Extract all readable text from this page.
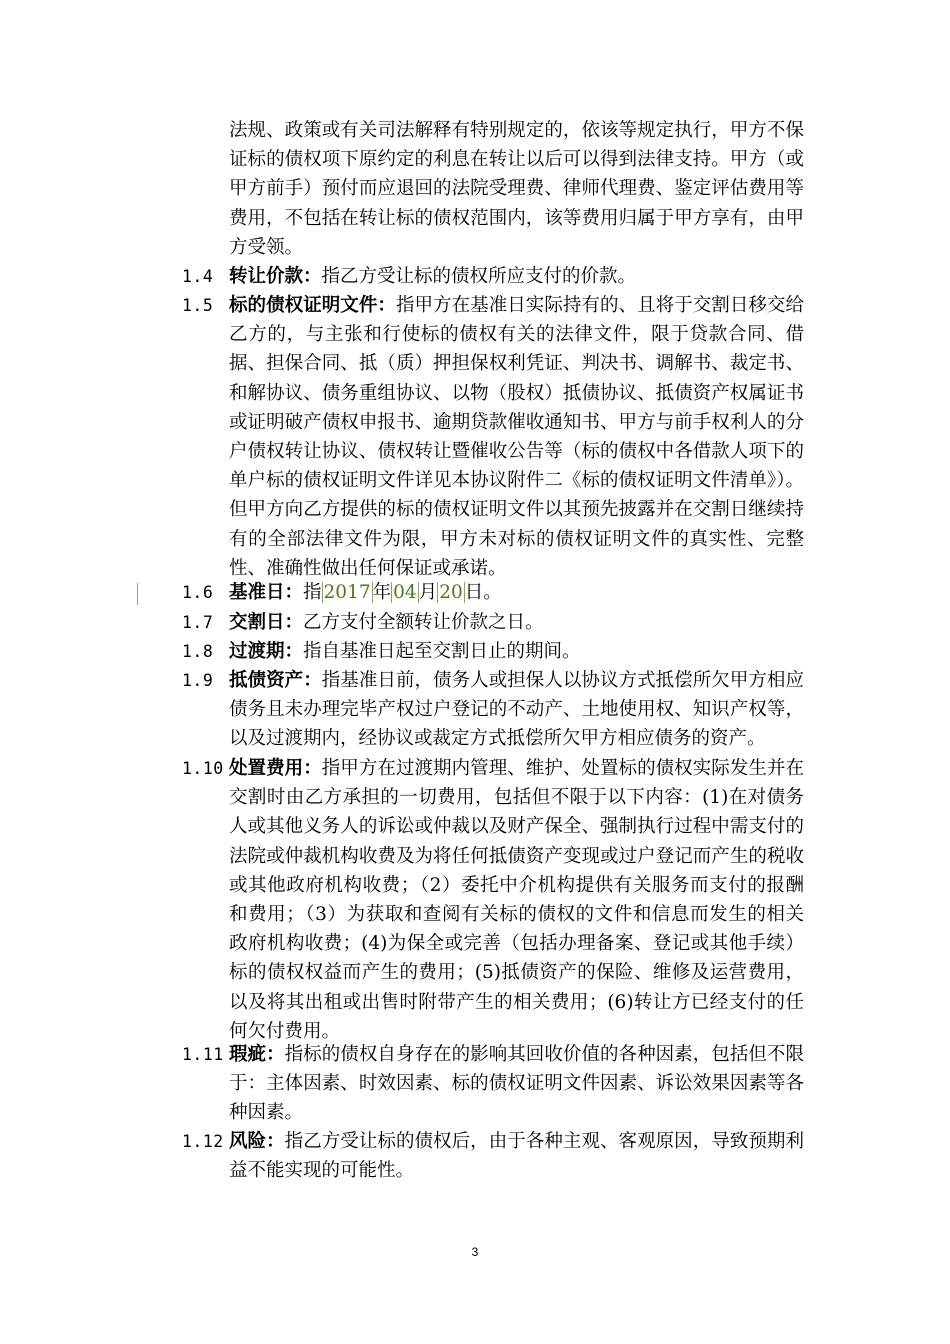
法规、政策或有关司法解释有特别规定的，依该等规定执行，甲方不保证标的债权项下原约定的利息在转让以后可以得到法律支持。甲方（或甲方前手）预付而应退回的法院受理费、律师代理费、鉴定评估费用等费用，不包括在转让标的债权范围内，该等费用归属于甲方享有，由甲方受领。

1.4 转让价款：指乙方受让标的债权所应支付的价款。
1.5 标的债权证明文件：指甲方在基准日实际持有的、且将于交割日移交给乙方的，与主张和行使标的债权有关的法律文件，限于贷款合同、借据、担保合同、抵（质）押担保权利凭证、判决书、调解书、裁定书、和解协议、债务重组协议、以物（股权）抵债协议、抵债资产权属证书或证明破产债权申报书、逾期贷款催收通知书、甲方与前手权利人的分户债权转让协议、债权转让暨催收公告等（标的债权中各借款人项下的单户标的债权证明文件详见本协议附件二《标的债权证明文件清单》）。但甲方向乙方提供的标的债权证明文件以其预先披露并在交割日继续持有的全部法律文件为限，甲方未对标的债权证明文件的真实性、完整性、准确性做出任何保证或承诺。
1.6 基准日：指 2017 年 04 月 20 日。
1.7 交割日：乙方支付全额转让价款之日。
1.8 过渡期：指自基准日起至交割日止的期间。
1.9 抵债资产：指基准日前，债务人或担保人以协议方式抵偿所欠甲方相应债务且未办理完毕产权过户登记的不动产、土地使用权、知识产权等，以及过渡期内，经协议或裁定方式抵偿所欠甲方相应债务的资产。
1.10 处置费用：指甲方在过渡期内管理、维护、处置标的债权实际发生并在交割时由乙方承担的一切费用，包括但不限于以下内容：(1)在对债务人或其他义务人的诉讼或仲裁以及财产保全、强制执行过程中需支付的法院或仲裁机构收费及为将任何抵债资产变现或过户登记而产生的税收或其他政府机构收费；（2）委托中介机构提供有关服务而支付的报酬和费用；（3）为获取和查阅有关标的债权的文件和信息而发生的相关政府机构收费；(4)为保全或完善（包括办理备案、登记或其他手续）标的债权权益而产生的费用；(5)抵债资产的保险、维修及运营费用，以及将其出租或出售时附带产生的相关费用；(6)转让方已经支付的任何欠付费用。
1.11 瑕疵：指标的债权自身存在的影响其回收价值的各种因素，包括但不限于：主体因素、时效因素、标的债权证明文件因素、诉讼效果因素等各种因素。
1.12 风险：指乙方受让标的债权后，由于各种主观、客观原因，导致预期利益不能实现的可能性。
3
